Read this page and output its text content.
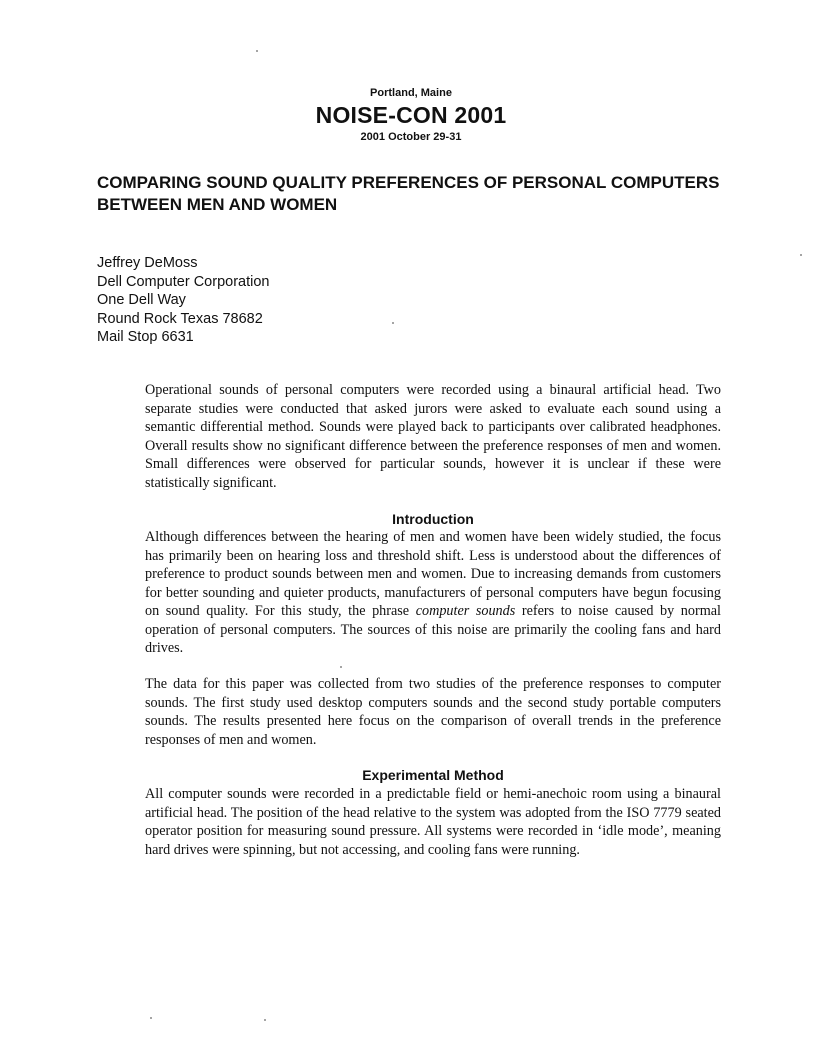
Portland, Maine
NOISE-CON 2001
2001 October 29-31
COMPARING SOUND QUALITY PREFERENCES OF PERSONAL COMPUTERS BETWEEN MEN AND WOMEN
Jeffrey DeMoss
Dell Computer Corporation
One Dell Way
Round Rock Texas 78682
Mail Stop 6631

Operational sounds of personal computers were recorded using a binaural artificial head. Two separate studies were conducted that asked jurors were asked to evaluate each sound using a semantic differential method. Sounds were played back to participants over calibrated headphones. Overall results show no significant difference between the preference responses of men and women. Small differences were observed for particular sounds, however it is unclear if these were statistically significant.

Introduction

Although differences between the hearing of men and women have been widely studied, the focus has primarily been on hearing loss and threshold shift. Less is understood about the differences of preference to product sounds between men and women. Due to increasing demands from customers for better sounding and quieter products, manufacturers of personal computers have begun focusing on sound quality. For this study, the phrase computer sounds refers to noise caused by normal operation of personal computers. The sources of this noise are primarily the cooling fans and hard drives.

The data for this paper was collected from two studies of the preference responses to computer sounds. The first study used desktop computers sounds and the second study portable computers sounds. The results presented here focus on the comparison of overall trends in the preference responses of men and women.

Experimental Method

All computer sounds were recorded in a predictable field or hemi-anechoic room using a binaural artificial head. The position of the head relative to the system was adopted from the ISO 7779 seated operator position for measuring sound pressure. All systems were recorded in ‘idle mode’, meaning hard drives were spinning, but not accessing, and cooling fans were running.
